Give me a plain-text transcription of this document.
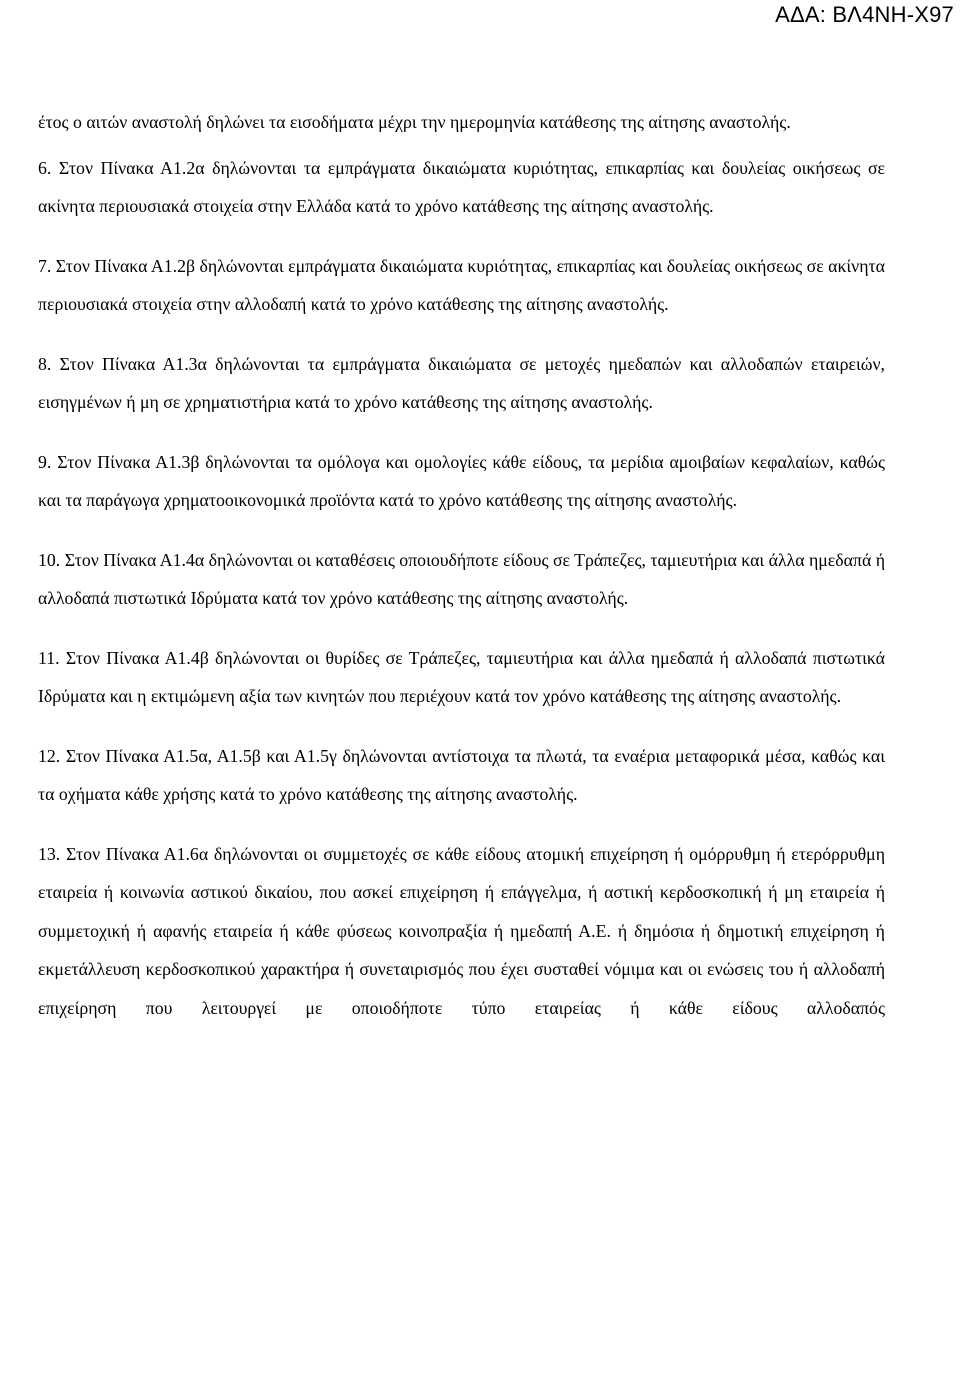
ΑΔΑ: ΒΛ4ΝΗ-Χ97

έτος ο αιτών αναστολή δηλώνει τα εισοδήματα μέχρι την ημερομηνία κατάθεσης της αίτησης αναστολής.

6. Στον Πίνακα Α1.2α δηλώνονται τα εμπράγματα δικαιώματα κυριότητας, επικαρπίας και δουλείας οικήσεως σε ακίνητα περιουσιακά στοιχεία στην Ελλάδα κατά το χρόνο κατάθεσης της αίτησης αναστολής.

7. Στον Πίνακα Α1.2β δηλώνονται εμπράγματα δικαιώματα κυριότητας, επικαρπίας και δουλείας οικήσεως σε ακίνητα περιουσιακά στοιχεία στην αλλοδαπή κατά το χρόνο κατάθεσης της αίτησης αναστολής.

8. Στον Πίνακα Α1.3α δηλώνονται τα εμπράγματα δικαιώματα σε μετοχές ημεδαπών και αλλοδαπών εταιρειών, εισηγμένων ή μη σε χρηματιστήρια κατά το χρόνο κατάθεσης της αίτησης αναστολής.

9. Στον Πίνακα Α1.3β δηλώνονται τα ομόλογα και ομολογίες κάθε είδους, τα μερίδια αμοιβαίων κεφαλαίων, καθώς και τα παράγωγα χρηματοοικονομικά προϊόντα κατά το χρόνο κατάθεσης της αίτησης αναστολής.

10. Στον Πίνακα Α1.4α δηλώνονται οι καταθέσεις οποιουδήποτε είδους σε Τράπεζες, ταμιευτήρια και άλλα ημεδαπά ή αλλοδαπά πιστωτικά Ιδρύματα κατά τον χρόνο κατάθεσης της αίτησης αναστολής.

11. Στον Πίνακα Α1.4β δηλώνονται οι θυρίδες σε Τράπεζες, ταμιευτήρια και άλλα ημεδαπά ή αλλοδαπά πιστωτικά Ιδρύματα και η εκτιμώμενη αξία των κινητών που περιέχουν κατά τον χρόνο κατάθεσης της αίτησης αναστολής.

12. Στον Πίνακα Α1.5α, Α1.5β και Α1.5γ δηλώνονται αντίστοιχα τα πλωτά, τα εναέρια μεταφορικά μέσα, καθώς και τα οχήματα κάθε χρήσης κατά το χρόνο κατάθεσης της αίτησης αναστολής.

13. Στον Πίνακα Α1.6α δηλώνονται οι συμμετοχές σε κάθε είδους ατομική επιχείρηση ή ομόρρυθμη ή ετερόρρυθμη εταιρεία ή κοινωνία αστικού δικαίου, που ασκεί επιχείρηση ή επάγγελμα, ή αστική κερδοσκοπική ή μη εταιρεία ή συμμετοχική ή αφανής εταιρεία ή κάθε φύσεως κοινοπραξία ή ημεδαπή Α.Ε. ή δημόσια ή δημοτική επιχείρηση ή εκμετάλλευση κερδοσκοπικού χαρακτήρα ή συνεταιρισμός που έχει συσταθεί νόμιμα και οι ενώσεις του ή αλλοδαπή επιχείρηση που λειτουργεί με οποιοδήποτε τύπο εταιρείας ή κάθε είδους αλλοδαπός
